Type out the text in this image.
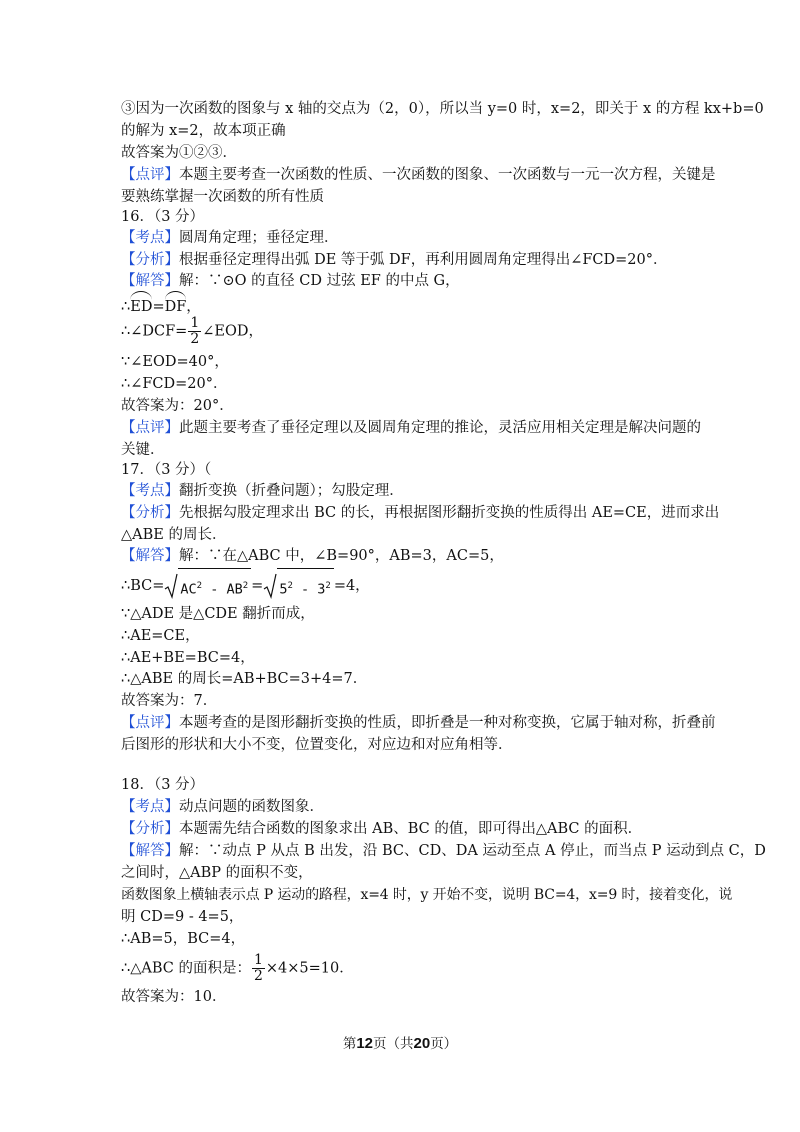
③因为一次函数的图象与 x 轴的交点为（2，0），所以当 y=0 时，x=2，即关于 x 的方程 kx+b=0
的解为 x=2，故本项正确
故答案为①②③．
【点评】本题主要考查一次函数的性质、一次函数的图象、一次函数与一元一次方程，关键是
要熟练掌握一次函数的所有性质
16．（3 分）
【考点】圆周角定理；垂径定理．
【分析】根据垂径定理得出弧 DE 等于弧 DF，再利用圆周角定理得出∠FCD=20°．
【解答】解：∵⊙O 的直径 CD 过弦 EF 的中点 G，
∴ED=DF，
∴∠DCF= $\frac{1}{2}$ ∠EOD，
∵∠EOD=40°，
∴∠FCD=20°．
故答案为：20°．
【点评】此题主要考查了垂径定理以及圆周角定理的推论，灵活应用相关定理是解决问题的
关键．
17．（3 分）（
【考点】翻折变换（折叠问题）；勾股定理．
【分析】先根据勾股定理求出 BC 的长，再根据图形翻折变换的性质得出 AE=CE，进而求出
△ABE 的周长．
【解答】解：∵在△ABC 中，∠B=90°，AB=3，AC=5，
∴BC= $AC^2 - AB^2 = 5^2 - 3^2 =4$，
∵△ADE 是△CDE 翻折而成，
∴AE=CE，
∴AE+BE=BC=4，
∴△ABE 的周长=AB+BC=3+4=7．
故答案为：7．
【点评】本题考查的是图形翻折变换的性质，即折叠是一种对称变换，它属于轴对称，折叠前
后图形的形状和大小不变，位置变化，对应边和对应角相等．
18．（3 分）
【考点】动点问题的函数图象．
【分析】本题需先结合函数的图象求出 AB、BC 的值，即可得出△ABC 的面积．
【解答】解：∵动点 P 从点 B 出发，沿 BC、CD、DA 运动至点 A 停止，而当点 P 运动到点 C，D
之间时，△ABP 的面积不变，
函数图象上横轴表示点 P 运动的路程，x=4 时，y 开始不变，说明 BC=4，x=9 时，接着变化，说
明 CD=9 - 4=5，
∴AB=5，BC=4，
∴△ABC 的面积是： $\frac{1}{2} \times 4\times 5=10$．
故答案为：10．
第12页（共20页）
